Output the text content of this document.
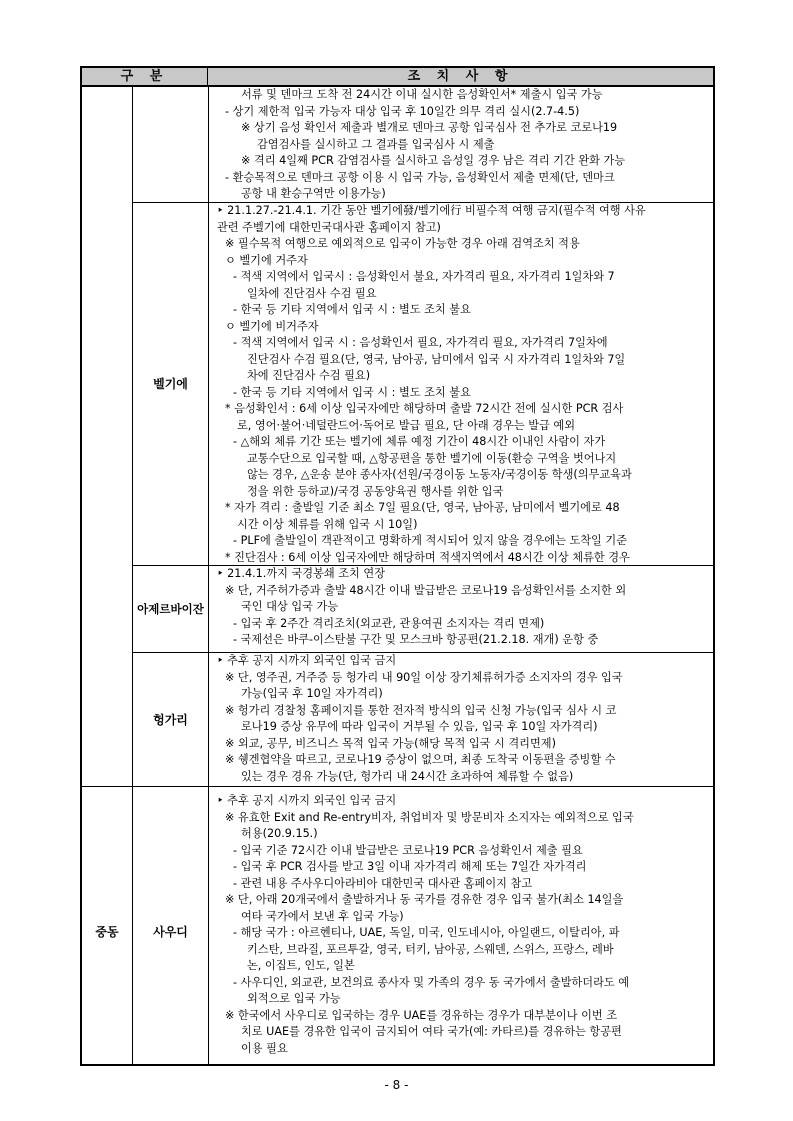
구 분	조 치 사 항
서류 및 덴마크 도착 전 24시간 이내 실시한 음성확인서* 제출시 입국 가능
- 상기 제한적 입국 가능자 대상 입국 후 10일간 의무 격리 실시(2.7-4.5)
※ 상기 음성 확인서 제출과 별개로 덴마크 공항 입국심사 전 추가로 코로나19
감염검사를 실시하고 그 결과를 입국심사 시 제출
※ 격리 4일째 PCR 감염검사를 실시하고 음성일 경우 남은 격리 기간 완화 가능
- 환승목적으로 덴마크 공항 이용 시 입국 가능, 음성확인서 제출 면제(단, 덴마크
공항 내 환승구역만 이용가능)
벨기에
‣ 21.1.27.-21.4.1. 기간 동안 벨기에發/벨기에行 비필수적 여행 금지(필수적 여행 사유
관련 주벨기에 대한민국대사관 홈페이지 참고)
※ 필수목적 여행으로 예외적으로 입국이 가능한 경우 아래 검역조치 적용
ㅇ 벨기에 거주자
- 적색 지역에서 입국시 : 음성확인서 불요, 자가격리 필요, 자가격리 1일차와 7
일차에 진단검사 수검 필요
- 한국 등 기타 지역에서 입국 시 : 별도 조치 불요
ㅇ 벨기에 비거주자
- 적색 지역에서 입국 시 : 음성확인서 필요, 자가격리 필요, 자가격리 7일차에
진단검사 수검 필요(단, 영국, 남아공, 남미에서 입국 시 자가격리 1일차와 7일
차에 진단검사 수검 필요)
- 한국 등 기타 지역에서 입국 시 : 별도 조치 불요
* 음성확인서 : 6세 이상 입국자에만 해당하며 출발 72시간 전에 실시한 PCR 검사
로, 영어·불어·네덜란드어·독어로 발급 필요, 단 아래 경우는 발급 예외
- △해외 체류 기간 또는 벨기에 체류 예정 기간이 48시간 이내인 사람이 자가
교통수단으로 입국할 때, △항공편을 통한 벨기에 이동(환승 구역을 벗어나지
않는 경우, △운송 분야 종사자(선원/국경이동 노동자/국경이동 학생(의무교육과
정을 위한 등하교)/국경 공동양육권 행사를 위한 입국
* 자가 격리 : 출발일 기준 최소 7일 필요(단, 영국, 남아공, 남미에서 벨기에로 48
시간 이상 체류를 위해 입국 시 10일)
- PLF에 출발일이 객관적이고 명확하게 적시되어 있지 않을 경우에는 도착일 기준
* 진단검사 : 6세 이상 입국자에만 해당하며 적색지역에서 48시간 이상 체류한 경우
아제르바이잔
‣ 21.4.1.까지 국경봉쇄 조치 연장
※ 단, 거주허가증과 출발 48시간 이내 발급받은 코로나19 음성확인서를 소지한 외
국인 대상 입국 가능
- 입국 후 2주간 격리조치(외교관, 관용여권 소지자는 격리 면제)
- 국제선은 바쿠-이스탄불 구간 및 모스크바 항공편(21.2.18. 재개) 운항 중
헝가리
‣ 추후 공지 시까지 외국인 입국 금지
※ 단, 영주권, 거주증 등 헝가리 내 90일 이상 장기체류허가증 소지자의 경우 입국
가능(입국 후 10일 자가격리)
※ 헝가리 경찰청 홈페이지를 통한 전자적 방식의 입국 신청 가능(입국 심사 시 코
로나19 증상 유무에 따라 입국이 거부될 수 있음, 입국 후 10일 자가격리)
※ 외교, 공무, 비즈니스 목적 입국 가능(해당 목적 입국 시 격리면제)
※ 쉥겐협약을 따르고, 코로나19 증상이 없으며, 최종 도착국 이동편을 증빙할 수
있는 경우 경유 가능(단, 헝가리 내 24시간 초과하여 체류할 수 없음)
중동	사우디
‣ 추후 공지 시까지 외국인 입국 금지
※ 유효한 Exit and Re-entry비자, 취업비자 및 방문비자 소지자는 예외적으로 입국
허용(20.9.15.)
- 입국 기준 72시간 이내 발급받은 코로나19 PCR 음성확인서 제출 필요
- 입국 후 PCR 검사를 받고 3일 이내 자가격리 해제 또는 7일간 자가격리
- 관련 내용 주사우디아라비아 대한민국 대사관 홈페이지 참고
※ 단, 아래 20개국에서 출발하거나 동 국가를 경유한 경우 입국 불가(최소 14일을
여타 국가에서 보낸 후 입국 가능)
- 해당 국가 : 아르헨티나, UAE, 독일, 미국, 인도네시아, 아일랜드, 이탈리아, 파
키스탄, 브라질, 포르투갈, 영국, 터키, 남아공, 스웨덴, 스위스, 프랑스, 레바
논, 이집트, 인도, 일본
- 사우디인, 외교관, 보건의료 종사자 및 가족의 경우 동 국가에서 출발하더라도 예
외적으로 입국 가능
※ 한국에서 사우디로 입국하는 경우 UAE를 경유하는 경우가 대부분이나 이번 조
치로 UAE를 경유한 입국이 금지되어 여타 국가(예: 카타르)를 경유하는 항공편
이용 필요
- 8 -
